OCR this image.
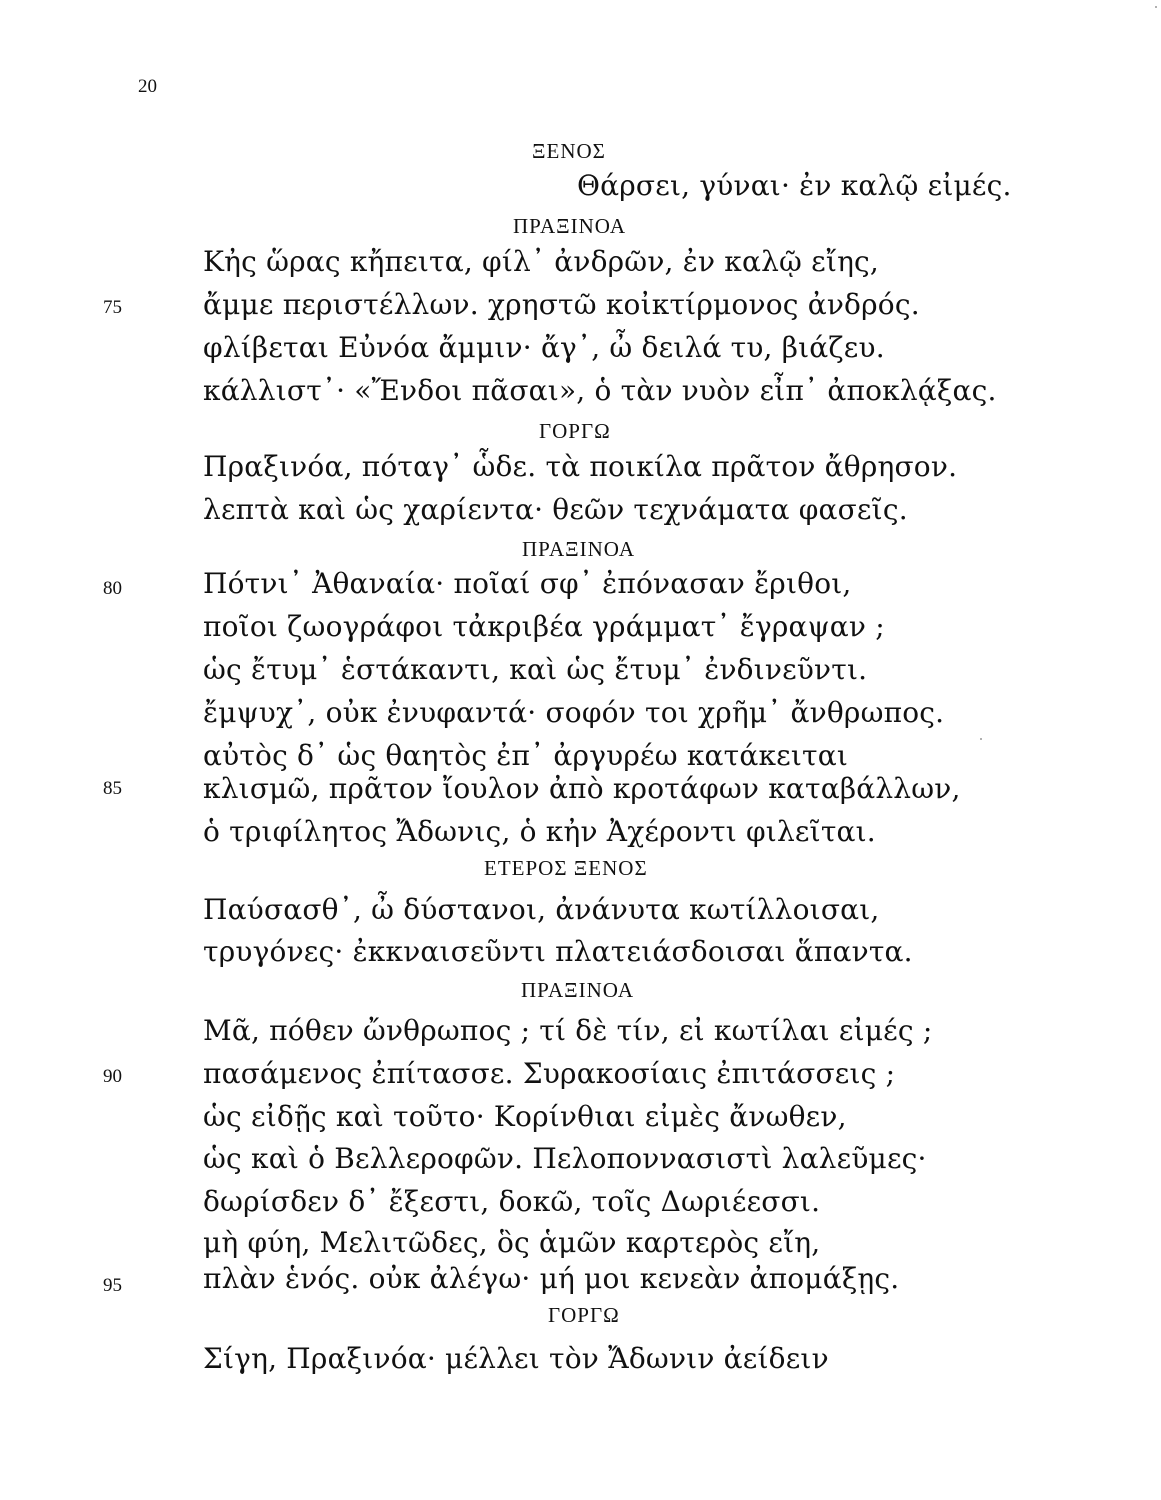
20
ΞΕΝΟΣ
Θάρσει, γύναι· ἐν καλῷ εἰμές.
ΠΡΑΞΙΝΟΑ
Κἠς ὥρας κἤπειτα, φίλ᾽ ἀνδρῶν, ἐν καλῷ εἴης,
75	ἄμμε περιστέλλων. χρηστῶ κοἰκτίρμονος ἀνδρός.
φλίβεται Εὐνόα ἄμμιν· ἄγ᾽, ὦ δειλά τυ, βιάζευ.
κάλλιστ᾽· «Ἔνδοι πᾶσαι», ὁ τὰν νυὸν εἶπ᾽ ἀποκλᾴξας.
ΓΟΡΓΩ
Πραξινόα, πόταγ᾽ ὧδε. τὰ ποικίλα πρᾶτον ἄθρησον.
λεπτὰ καὶ ὡς χαρίεντα· θεῶν τεχνάματα φασεῖς.
ΠΡΑΞΙΝΟΑ
80	Πότνι᾽ Ἀθαναία· ποῖαί σφ᾽ ἐπόνασαν ἔριθοι,
ποῖοι ζωογράφοι τἀκριβέα γράμματ᾽ ἔγραψαν ;
ὡς ἔτυμ᾽ ἑστάκαντι, καὶ ὡς ἔτυμ᾽ ἐνδινεῦντι.
ἔμψυχ᾽, οὐκ ἐνυφαντά· σοφόν τοι χρῆμ᾽ ἄνθρωπος.
αὐτὸς δ᾽ ὡς θαητὸς ἐπ᾽ ἀργυρέω κατάκειται
85	κλισμῶ, πρᾶτον ἴουλον ἀπὸ κροτάφων καταβάλλων,
ὁ τριφίλητος Ἄδωνις, ὁ κἠν Ἀχέροντι φιλεῖται.
ΕΤΕΡΟΣ ΞΕΝΟΣ
Παύσασθ᾽, ὦ δύστανοι, ἀνάνυτα κωτίλλοισαι,
τρυγόνες· ἐκκναισεῦντι πλατειάσδοισαι ἅπαντα.
ΠΡΑΞΙΝΟΑ
Μᾶ, πόθεν ὤνθρωπος ; τί δὲ τίν, εἰ κωτίλαι εἰμές ;
90	πασάμενος ἐπίτασσε. Συρακοσίαις ἐπιτάσσεις ;
ὡς εἰδῇς καὶ τοῦτο· Κορίνθιαι εἰμὲς ἄνωθεν,
ὡς καὶ ὁ Βελλεροφῶν. Πελοποννασιστὶ λαλεῦμες·
δωρίσδεν δ᾽ ἔξεστι, δοκῶ, τοῖς Δωριέεσσι.
μὴ φύη, Μελιτῶδες, ὃς ἁμῶν καρτερὸς εἴη,
95	πλὰν ἑνός. οὐκ ἀλέγω· μή μοι κενεὰν ἀπομάξῃς.
ΓΟΡΓΩ
Σίγη, Πραξινόα· μέλλει τὸν Ἄδωνιν ἀείδειν
